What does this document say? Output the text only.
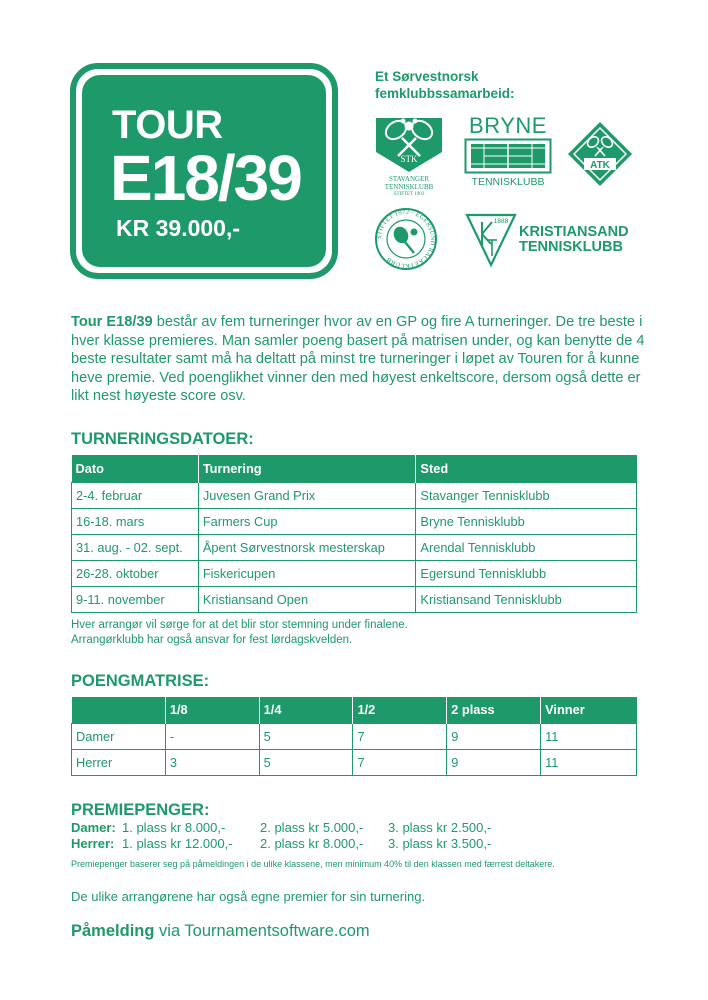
TOUR
E18/39
KR 39.000,-
Et Sørvestnorsk
femklubbssamarbeid:
STK
STAVANGER
TENNISKLUBB
STIFTET 1903
BRYNE
TENNISKLUBB
ATK
STIFTET 1972 · EGERSUND RACKETKLUBB
1888
KRISTIANSAND
TENNISKLUBB

Tour E18/39 består av fem turneringer hvor av en GP og fire A turneringer. De tre beste i hver klasse premieres. Man samler poeng basert på matrisen under, og kan benytte de 4 beste resultater samt må ha deltatt på minst tre turneringer i løpet av Touren for å kunne heve premie. Ved poenglikhet vinner den med høyest enkeltscore, dersom også dette er likt nest høyeste score osv.

TURNERINGSDATOER:
Dato	Turnering	Sted
2-4. februar	Juvesen Grand Prix	Stavanger Tennisklubb
16-18. mars	Farmers Cup	Bryne Tennisklubb
31. aug. - 02. sept.	Åpent Sørvestnorsk mesterskap	Arendal Tennisklubb
26-28. oktober	Fiskericupen	Egersund Tennisklubb
9-11. november	Kristiansand Open	Kristiansand Tennisklubb
Hver arrangør vil sørge for at det blir stor stemning under finalene.
Arrangørklubb har også ansvar for fest lørdagskvelden.
POENGMATRISE:
	1/8	1/4	1/2	2 plass	Vinner
Damer	-	5	7	9	11
Herrer	3	5	7	9	11
PREMIEPENGER:
Damer: 1. plass kr 8.000,-	2. plass kr 5.000,-	3. plass kr 2.500,-
Herrer: 1. plass kr 12.000,-	2. plass kr 8.000,-	3. plass kr 3.500,-
Premiepenger baserer seg på påmeldingen i de ulike klassene, men minimum 40% til den klassen med færrest deltakere.
De ulike arrangørene har også egne premier for sin turnering.
Påmelding via Tournamentsoftware.com
